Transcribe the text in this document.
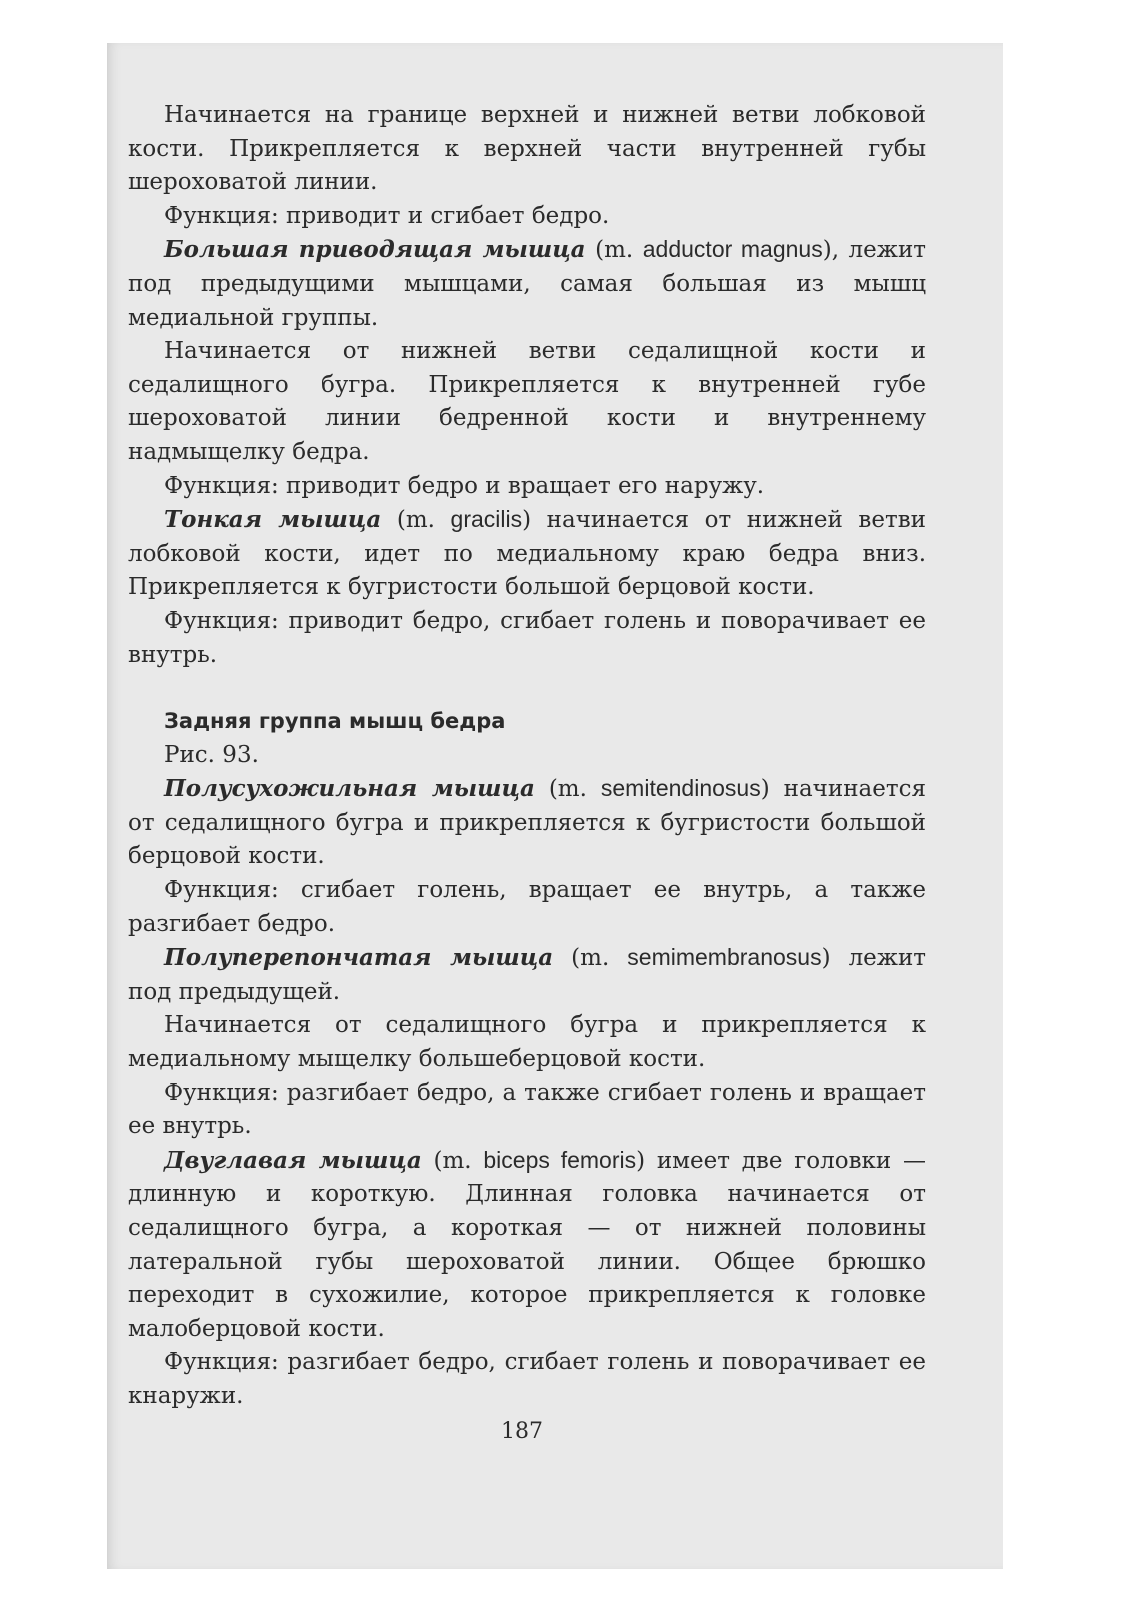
Начинается на границе верхней и нижней ветви лобковой кости. Прикрепляется к верхней части внутренней губы шероховатой линии.

Функция: приводит и сгибает бедро.

Большая приводящая мышца (m. adductor magnus), лежит под предыдущими мышцами, самая большая из мышц медиальной группы.

Начинается от нижней ветви седалищной кости и седалищного бугра. Прикрепляется к внутренней губе шероховатой линии бедренной кости и внутреннему надмыщелку бедра.

Функция: приводит бедро и вращает его наружу.

Тонкая мышца (m. gracilis) начинается от нижней ветви лобковой кости, идет по медиальному краю бедра вниз. Прикрепляется к бугристости большой берцовой кости.

Функция: приводит бедро, сгибает голень и поворачивает ее внутрь.

Задняя группа мышц бедра

Рис. 93.

Полусухожильная мышца (m. semitendinosus) начинается от седалищного бугра и прикрепляется к бугристости большой берцовой кости.

Функция: сгибает голень, вращает ее внутрь, а также разгибает бедро.

Полуперепончатая мышца (m. semimembranosus) лежит под предыдущей.

Начинается от седалищного бугра и прикрепляется к медиальному мыщелку большеберцовой кости.

Функция: разгибает бедро, а также сгибает голень и вращает ее внутрь.

Двуглавая мышца (m. biceps femoris) имеет две головки — длинную и короткую. Длинная головка начинается от седалищного бугра, а короткая — от нижней половины латеральной губы шероховатой линии. Общее брюшко переходит в сухожилие, которое прикрепляется к головке малоберцовой кости.

Функция: разгибает бедро, сгибает голень и поворачивает ее кнаружи.

187
